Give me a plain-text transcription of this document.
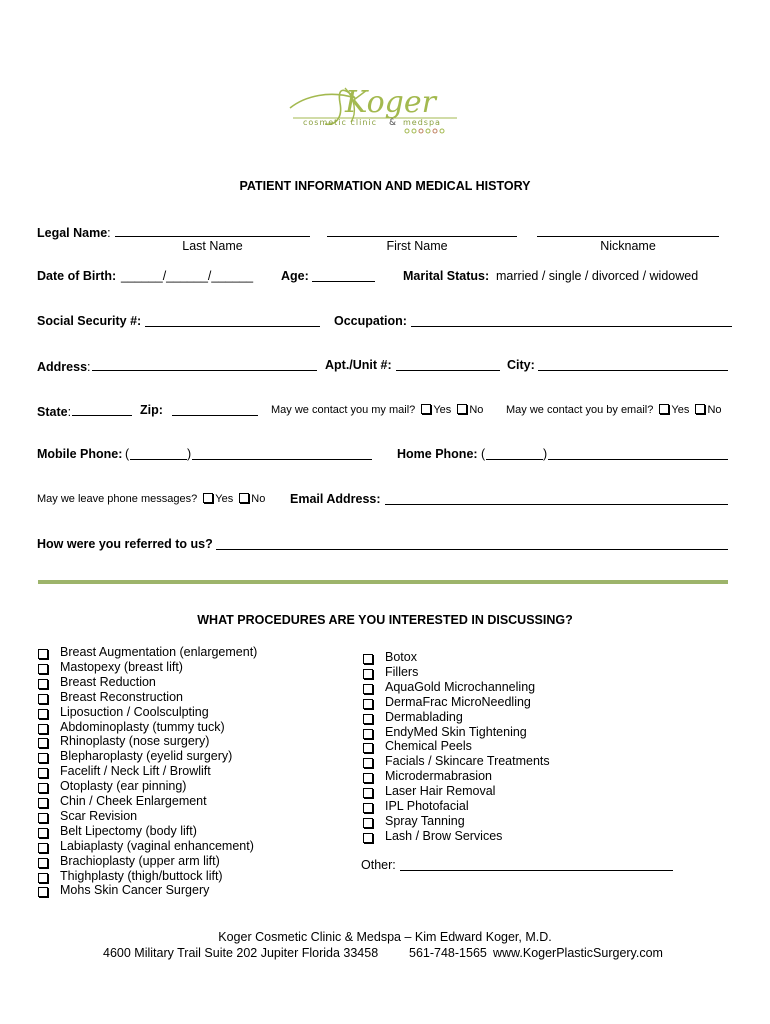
Koger
cosmetic clinic & medspa
PATIENT INFORMATION AND MEDICAL HISTORY
Legal Name:
Last Name	First Name	Nickname
Date of Birth: ______/______/______ Age:	Marital Status: married / single / divorced / widowed
Social Security #:	Occupation:
Address:	Apt./Unit #:	City:
State:	Zip:	May we contact you my mail? Yes No May we contact you by email? Yes No
Mobile Phone: (	)	Home Phone: (	)
May we leave phone messages? Yes No Email Address:
How were you referred to us?
WHAT PROCEDURES ARE YOU INTERESTED IN DISCUSSING?
Breast Augmentation (enlargement)
Mastopexy (breast lift)
Breast Reduction
Breast Reconstruction
Liposuction / Coolsculpting
Abdominoplasty (tummy tuck)
Rhinoplasty (nose surgery)
Blepharoplasty (eyelid surgery)
Facelift / Neck Lift / Browlift
Otoplasty (ear pinning)
Chin / Cheek Enlargement
Scar Revision
Belt Lipectomy (body lift)
Labiaplasty (vaginal enhancement)
Brachioplasty (upper arm lift)
Thighplasty (thigh/buttock lift)
Mohs Skin Cancer Surgery
Botox
Fillers
AquaGold Microchanneling
DermaFrac MicroNeedling
Dermablading
EndyMed Skin Tightening
Chemical Peels
Facials / Skincare Treatments
Microdermabrasion
Laser Hair Removal
IPL Photofacial
Spray Tanning
Lash / Brow Services
Other:
Koger Cosmetic Clinic & Medspa – Kim Edward Koger, M.D.
4600 Military Trail Suite 202 Jupiter Florida 33458 561-748-1565 www.KogerPlasticSurgery.com
